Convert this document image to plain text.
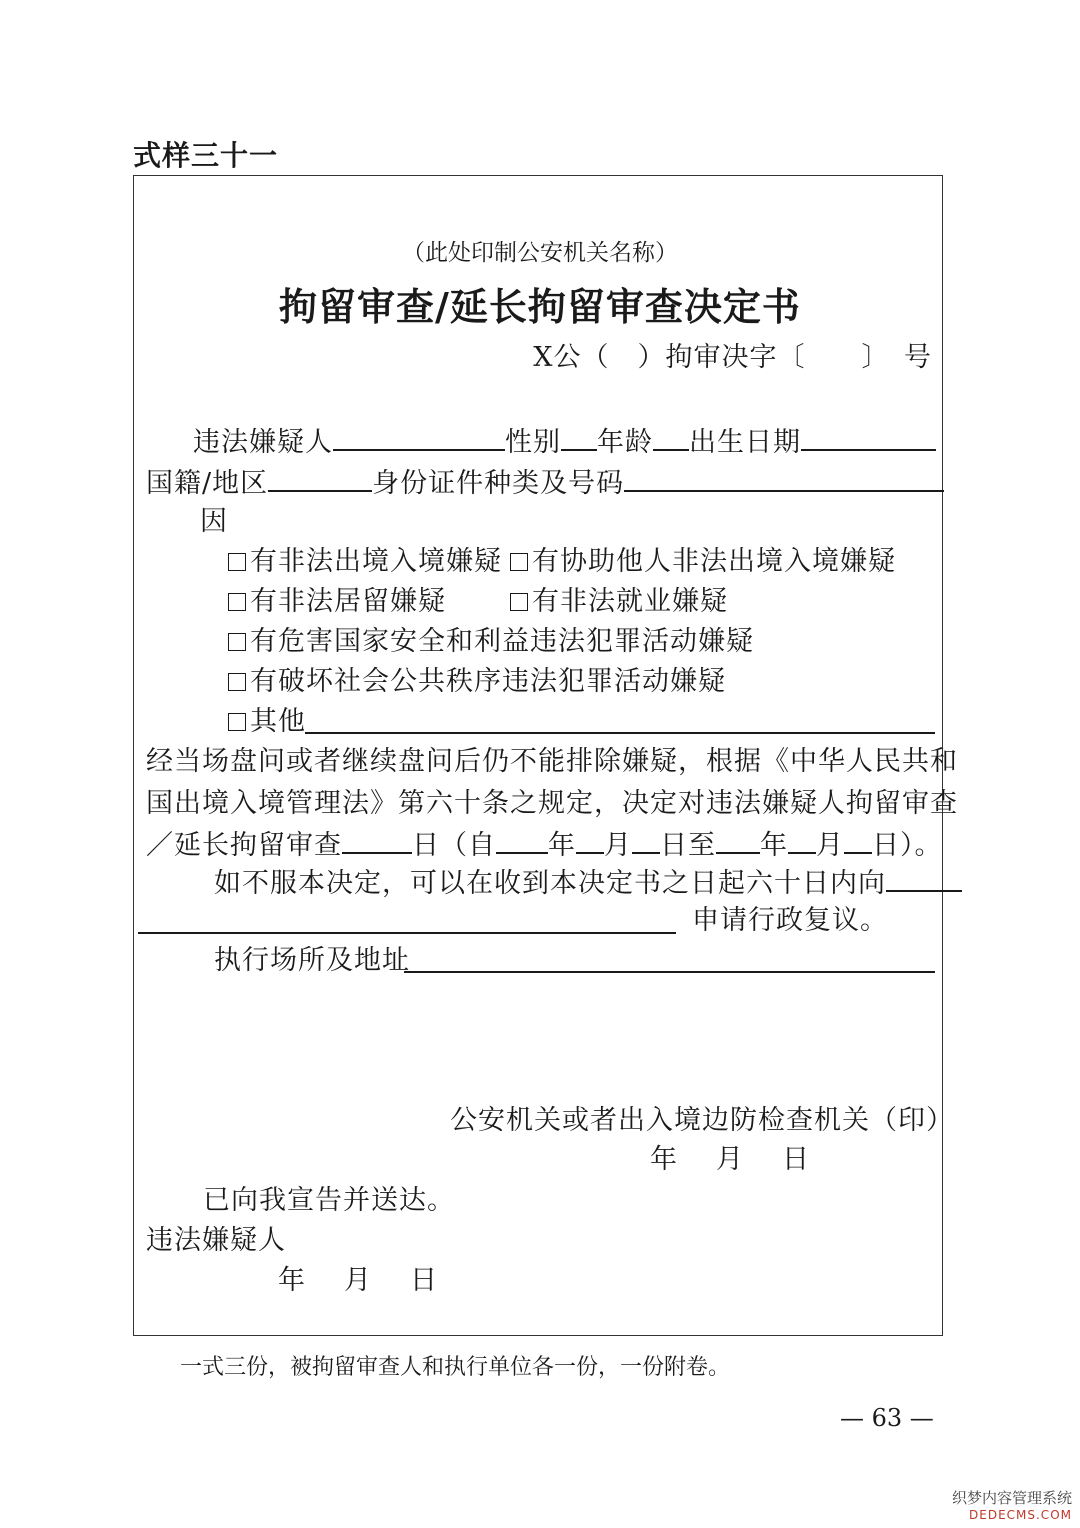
式样三十一
（此处印制公安机关名称）
拘留审查/延长拘留审查决定书
X公（　）拘审决字〔　　〕　号
违法嫌疑人	性别 年龄 出生日期
国籍/地区	身份证件种类及号码
因
有非法出境入境嫌疑	有协助他人非法出境入境嫌疑
有非法居留嫌疑	有非法就业嫌疑
有危害国家安全和利益违法犯罪活动嫌疑
有破坏社会公共秩序违法犯罪活动嫌疑
其他
经当场盘问或者继续盘问后仍不能排除嫌疑，根据《中华人民共和
国出境入境管理法》第六十条之规定，决定对违法嫌疑人拘留审查
／延长拘留审查	日（自 年 月 日至 年 月 日）。
如不服本决定，可以在收到本决定书之日起六十日内向
申请行政复议。
执行场所及地址
公安机关或者出入境边防检查机关（印）
年　月　日
已向我宣告并送达。
违法嫌疑人
年　月　日
一式三份，被拘留审查人和执行单位各一份，一份附卷。
— 63 —
织梦内容管理系统
DEDECMS.COM
